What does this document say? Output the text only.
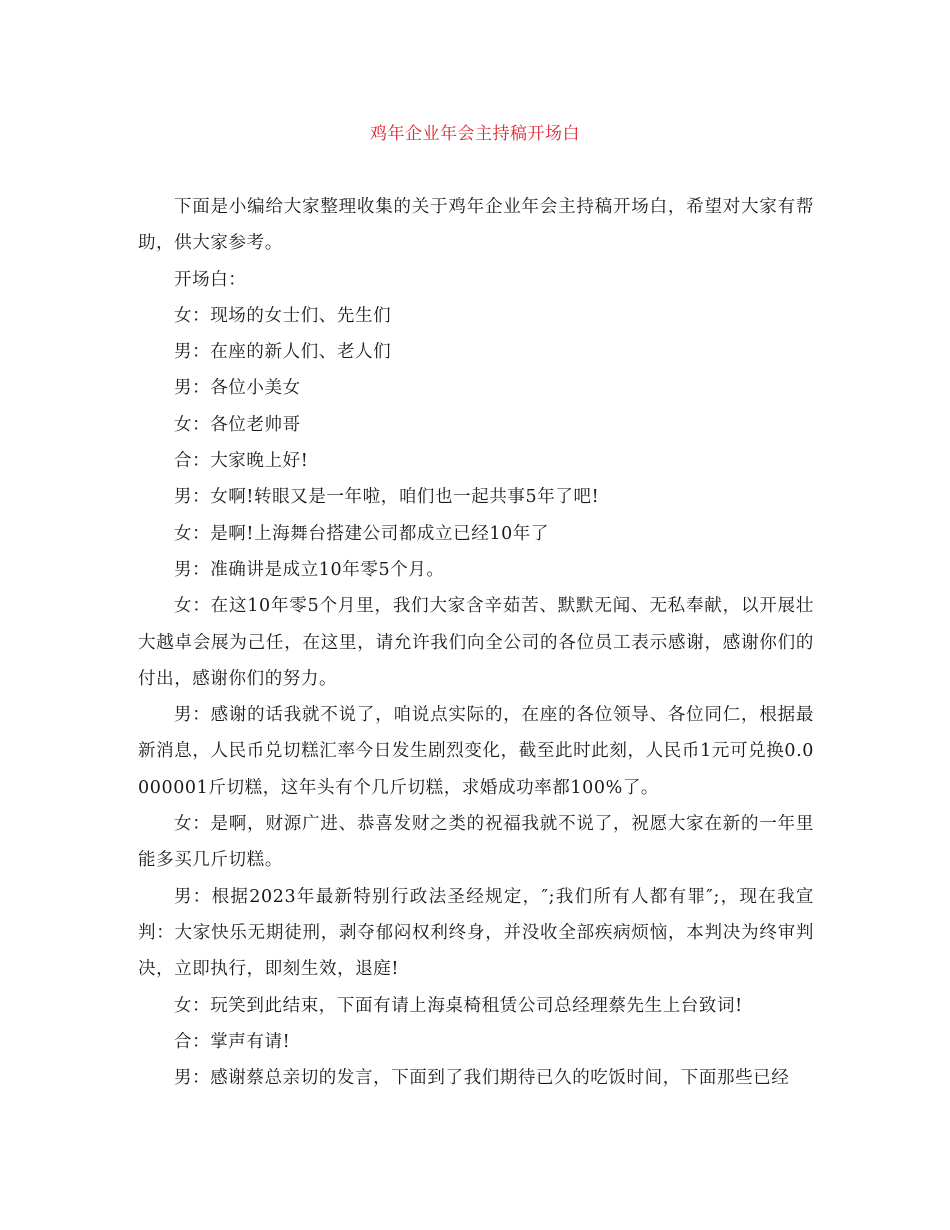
鸡年企业年会主持稿开场白

下面是小编给大家整理收集的关于鸡年企业年会主持稿开场白，希望对大家有帮助，供大家参考。

开场白：

女：现场的女士们、先生们

男：在座的新人们、老人们

男：各位小美女

女：各位老帅哥

合：大家晚上好!

男：女啊!转眼又是一年啦，咱们也一起共事5年了吧!

女：是啊!上海舞台搭建公司都成立已经10年了

男：准确讲是成立10年零5个月。

女：在这10年零5个月里，我们大家含辛茹苦、默默无闻、无私奉献，以开展壮大越卓会展为己任，在这里，请允许我们向全公司的各位员工表示感谢，感谢你们的付出，感谢你们的努力。

男：感谢的话我就不说了，咱说点实际的，在座的各位领导、各位同仁，根据最新消息，人民币兑切糕汇率今日发生剧烈变化，截至此时此刻，人民币1元可兑换0.0000001斤切糕，这年头有个几斤切糕，求婚成功率都100%了。

女：是啊，财源广进、恭喜发财之类的祝福我就不说了，祝愿大家在新的一年里能多买几斤切糕。

男：根据2023年最新特别行政法圣经规定，″;我们所有人都有罪″;，现在我宣判：大家快乐无期徒刑，剥夺郁闷权利终身，并没收全部疾病烦恼，本判决为终审判决，立即执行，即刻生效，退庭!

女：玩笑到此结束，下面有请上海桌椅租赁公司总经理蔡先生上台致词!

合：掌声有请!

男：感谢蔡总亲切的发言，下面到了我们期待已久的吃饭时间，下面那些已经
